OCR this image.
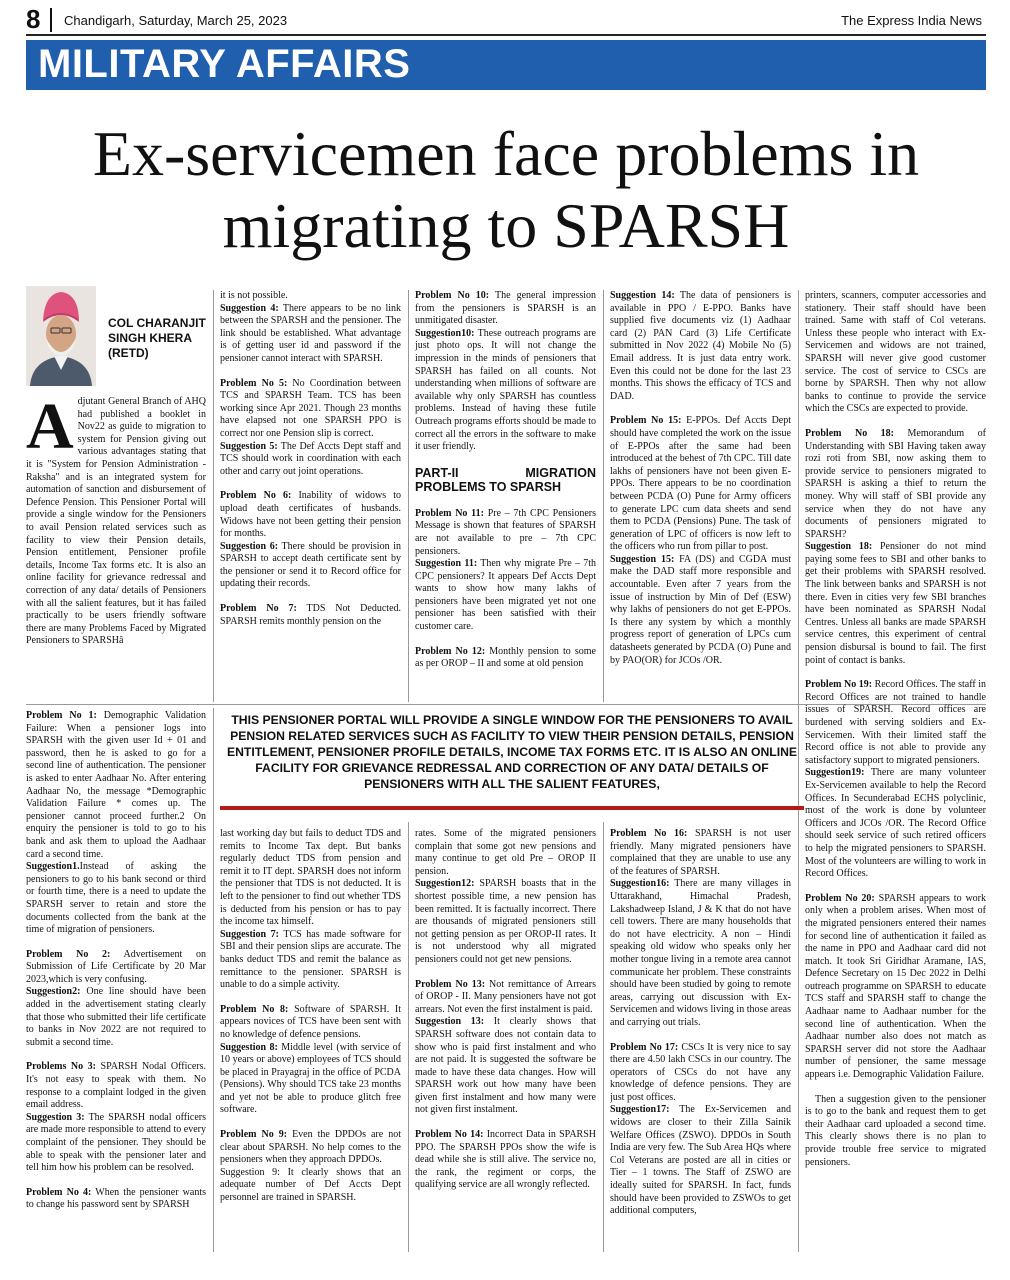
8 Chandigarh, Saturday, March 25, 2023	The Express India News
MILITARY AFFAIRS
Ex-servicemen face problems in migrating to SPARSH
COL CHARANJIT
SINGH KHERA
(RETD)
Adjutant General Branch of AHQ had published a booklet in Nov22 as guide to migration to system for Pension giving out various advantages stating that it is "System for Pension Administration - Raksha" and is an integrated system for automation of sanction and disbursement of Defence Pension. This Pensioner Portal will provide a single window for the Pensioners to avail Pension related services such as facility to view their Pension details, Pension entitlement, Pensioner profile details, Income Tax forms etc. It is also an online facility for grievance redressal and correction of any data/ details of Pensioners with all the salient features, but it has failed practically to be users friendly software there are many Problems Faced by Migrated Pensioners to SPARSHâ

Problem No 1: Demographic Validation Failure: When a pensioner logs into SPARSH with the given user Id + 01 and password, then he is asked to go for a second line of authentication. The pensioner is asked to enter Aadhaar No. After entering Aadhaar No, the message *Demographic Validation Failure * comes up. The pensioner cannot proceed further.2 On enquiry the pensioner is told to go to his bank and ask them to upload the Aadhaar card a second time.
Suggestion1.Instead of asking the pensioners to go to his bank second or third or fourth time, there is a need to update the SPARSH server to retain and store the documents collected from the bank at the time of migration of pensioners.

Problem No 2: Advertisement on Submission of Life Certificate by 20 Mar 2023,which is very confusing.
Suggestion2: One line should have been added in the advertisement stating clearly that those who submitted their life certificate to banks in Nov 2022 are not required to submit a second time.

Problems No 3: SPARSH Nodal Officers. It's not easy to speak with them. No response to a complaint lodged in the given email address.
Suggestion 3: The SPARSH nodal officers are made more responsible to attend to every complaint of the pensioner. They should be able to speak with the pensioner later and tell him how his problem can be resolved.

Problem No 4: When the pensioner wants to change his password sent by SPARSH

it is not possible.
Suggestion 4: There appears to be no link between the SPARSH and the pensioner. The link should be established. What advantage is of getting user id and password if the pensioner cannot interact with SPARSH.

Problem No 5: No Coordination between TCS and SPARSH Team. TCS has been working since Apr 2021. Though 23 months have elapsed not one SPARSH PPO is correct nor one Pension slip is correct.
Suggestion 5: The Def Accts Dept staff and TCS should work in coordination with each other and carry out joint operations.

Problem No 6: Inability of widows to upload death certificates of husbands. Widows have not been getting their pension for months.
Suggestion 6: There should be provision in SPARSH to accept death certificate sent by the pensioner or send it to Record office for updating their records.

Problem No 7: TDS Not Deducted. SPARSH remits monthly pension on the

Problem No 10: The general impression from the pensioners is SPARSH is an unmitigated disaster.
Suggestion10: These outreach programs are just photo ops. It will not change the impression in the minds of pensioners that SPARSH has failed on all counts. Not understanding when millions of software are available why only SPARSH has countless problems. Instead of having these futile Outreach programs efforts should be made to correct all the errors in the software to make it user friendly.

PART-II MIGRATION PROBLEMS TO SPARSH

Problem No 11: Pre – 7th CPC Pensioners Message is shown that features of SPARSH are not available to pre – 7th CPC pensioners.
Suggestion 11: Then why migrate Pre – 7th CPC pensioners? It appears Def Accts Dept wants to show how many lakhs of pensioners have been migrated yet not one pensioner has been satisfied with their customer care.

Problem No 12: Monthly pension to some as per OROP – II and some at old pension

Suggestion 14: The data of pensioners is available in PPO / E-PPO. Banks have supplied five documents viz (1) Aadhaar card (2) PAN Card (3) Life Certificate submitted in Nov 2022 (4) Mobile No (5) Email address. It is just data entry work. Even this could not be done for the last 23 months. This shows the efficacy of TCS and DAD.

Problem No 15: E-PPOs. Def Accts Dept should have completed the work on the issue of E-PPOs after the same had been introduced at the behest of 7th CPC. Till date lakhs of pensioners have not been given E-PPOs. There appears to be no coordination between PCDA (O) Pune for Army officers to generate LPC cum data sheets and send them to PCDA (Pensions) Pune. The task of generation of LPC of officers is now left to the officers who run from pillar to post.
Suggestion 15: FA (DS) and CGDA must make the DAD staff more responsible and accountable. Even after 7 years from the issue of instruction by Min of Def (ESW) why lakhs of pensioners do not get E-PPOs. Is there any system by which a monthly progress report of generation of LPCs cum datasheets generated by PCDA (O) Pune and by PAO(OR) for JCOs /OR.

printers, scanners, computer accessories and stationery. Their staff should have been trained. Same with staff of Col veterans. Unless these people who interact with Ex-Servicemen and widows are not trained, SPARSH will never give good customer service. The cost of service to CSCs are borne by SPARSH. Then why not allow banks to continue to provide the service which the CSCs are expected to provide.

Problem No 18: Memorandum of Understanding with SBI Having taken away rozi roti from SBI, now asking them to provide service to pensioners migrated to SPARSH is asking a thief to return the money. Why will staff of SBI provide any service when they do not have any documents of pensioners migrated to SPARSH?
Suggestion 18: Pensioner do not mind paying some fees to SBI and other banks to get their problems with SPARSH resolved. The link between banks and SPARSH is not there. Even in cities very few SBI branches have been nominated as SPARSH Nodal Centres. Unless all banks are made SPARSH service centres, this experiment of central pension disbursal is bound to fail. The first point of contact is banks.

Problem No 19: Record Offices. The staff in Record Offices are not trained to handle issues of SPARSH. Record offices are burdened with serving soldiers and Ex-Servicemen. With their limited staff the Record office is not able to provide any satisfactory support to migrated pensioners.
Suggestion19: There are many volunteer Ex-Servicemen available to help the Record Offices. In Secunderabad ECHS polyclinic, most of the work is done by volunteer Officers and JCOs /OR. The Record Office should seek service of such retired officers to help the migrated pensioners to SPARSH. Most of the volunteers are willing to work in Record Offices.

Problem No 20: SPARSH appears to work only when a problem arises. When most of the migrated pensioners entered their names for second line of authentication it failed as the name in PPO and Aadhaar card did not match. It took Sri Giridhar Aramane, IAS, Defence Secretary on 15 Dec 2022 in Delhi outreach programme on SPARSH to educate TCS staff and SPARSH staff to change the Aadhaar name to Aadhaar number for the second line of authentication. When the Aadhaar number also does not match as SPARSH server did not store the Aadhaar number of pensioner, the same message appears i.e. Demographic Validation Failure.

Then a suggestion given to the pensioner is to go to the bank and request them to get their Aadhaar card uploaded a second time. This clearly shows there is no plan to provide trouble free service to migrated pensioners.

THIS PENSIONER PORTAL WILL PROVIDE A SINGLE WINDOW FOR THE PENSIONERS TO AVAIL PENSION RELATED SERVICES SUCH AS FACILITY TO VIEW THEIR PENSION DETAILS, PENSION ENTITLEMENT, PENSIONER PROFILE DETAILS, INCOME TAX FORMS ETC. IT IS ALSO AN ONLINE FACILITY FOR GRIEVANCE REDRESSAL AND CORRECTION OF ANY DATA/ DETAILS OF PENSIONERS WITH ALL THE SALIENT FEATURES,

last working day but fails to deduct TDS and remits to Income Tax dept. But banks regularly deduct TDS from pension and remit it to IT dept. SPARSH does not inform the pensioner that TDS is not deducted. It is left to the pensioner to find out whether TDS is deducted from his pension or has to pay the income tax himself.
Suggestion 7: TCS has made software for SBI and their pension slips are accurate. The banks deduct TDS and remit the balance as remittance to the pensioner. SPARSH is unable to do a simple activity.

Problem No 8: Software of SPARSH. It appears novices of TCS have been sent with no knowledge of defence pensions.
Suggestion 8: Middle level (with service of 10 years or above) employees of TCS should be placed in Prayagraj in the office of PCDA (Pensions). Why should TCS take 23 months and yet not be able to produce glitch free software.

Problem No 9: Even the DPDOs are not clear about SPARSH. No help comes to the pensioners when they approach DPDOs.
Suggestion 9: It clearly shows that an adequate number of Def Accts Dept personnel are trained in SPARSH.

rates. Some of the migrated pensioners complain that some got new pensions and many continue to get old Pre – OROP II pension.
Suggestion12: SPARSH boasts that in the shortest possible time, a new pension has been remitted. It is factually incorrect. There are thousands of migrated pensioners still not getting pension as per OROP-II rates. It is not understood why all migrated pensioners could not get new pensions.

Problem No 13: Not remittance of Arrears of OROP - II. Many pensioners have not got arrears. Not even the first instalment is paid.
Suggestion 13: It clearly shows that SPARSH software does not contain data to show who is paid first instalment and who are not paid. It is suggested the software be made to have these data changes. How will SPARSH work out how many have been given first instalment and how many were not given first instalment.

Problem No 14: Incorrect Data in SPARSH PPO. The SPARSH PPOs show the wife is dead while she is still alive. The service no, the rank, the regiment or corps, the qualifying service are all wrongly reflected.

Problem No 16: SPARSH is not user friendly. Many migrated pensioners have complained that they are unable to use any of the features of SPARSH.
Suggestion16: There are many villages in Uttarakhand, Himachal Pradesh, Lakshadweep Island, J & K that do not have cell towers. There are many households that do not have electricity. A non – Hindi speaking old widow who speaks only her mother tongue living in a remote area cannot communicate her problem. These constraints should have been studied by going to remote areas, carrying out discussion with Ex-Servicemen and widows living in those areas and carrying out trials.

Problem No 17: CSCs It is very nice to say there are 4.50 lakh CSCs in our country. The operators of CSCs do not have any knowledge of defence pensions. They are just post offices.
Suggestion17: The Ex-Servicemen and widows are closer to their Zilla Sainik Welfare Offices (ZSWO). DPDOs in South India are very few. The Sub Area HQs where Col Veterans are posted are all in cities or Tier – 1 towns. The Staff of ZSWO are ideally suited for SPARSH. In fact, funds should have been provided to ZSWOs to get additional computers,
